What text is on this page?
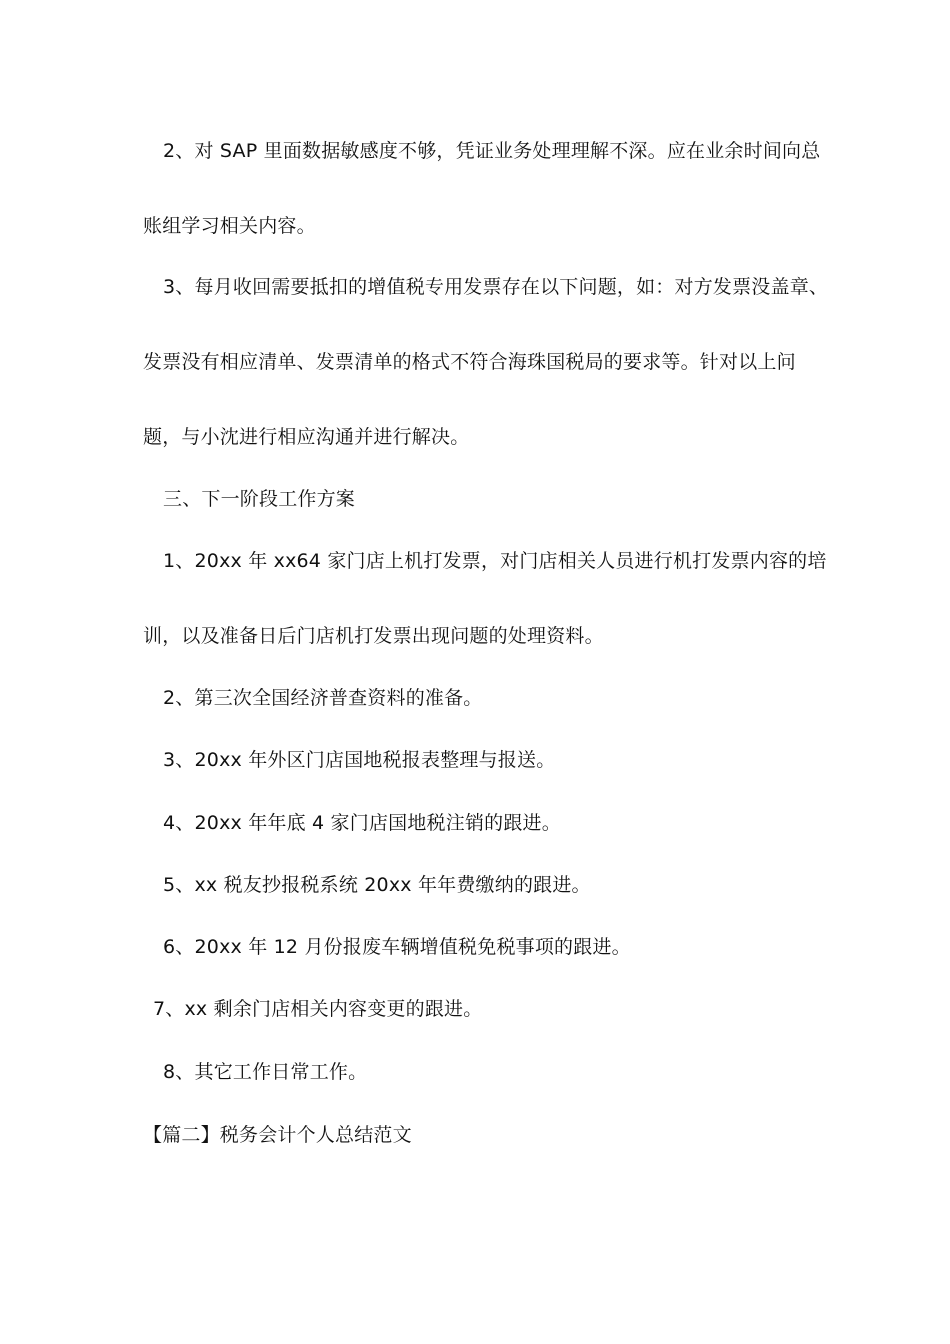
2、对 SAP 里面数据敏感度不够，凭证业务处理理解不深。应在业余时间向总
账组学习相关内容。
3、每月收回需要抵扣的增值税专用发票存在以下问题，如：对方发票没盖章、
发票没有相应清单、发票清单的格式不符合海珠国税局的要求等。针对以上问
题，与小沈进行相应沟通并进行解决。
三、下一阶段工作方案
1、20xx 年 xx64 家门店上机打发票，对门店相关人员进行机打发票内容的培
训，以及准备日后门店机打发票出现问题的处理资料。
2、第三次全国经济普查资料的准备。
3、20xx 年外区门店国地税报表整理与报送。
4、20xx 年年底 4 家门店国地税注销的跟进。
5、xx 税友抄报税系统 20xx 年年费缴纳的跟进。
6、20xx 年 12 月份报废车辆增值税免税事项的跟进。
7、xx 剩余门店相关内容变更的跟进。
8、其它工作日常工作。
【篇二】税务会计个人总结范文
